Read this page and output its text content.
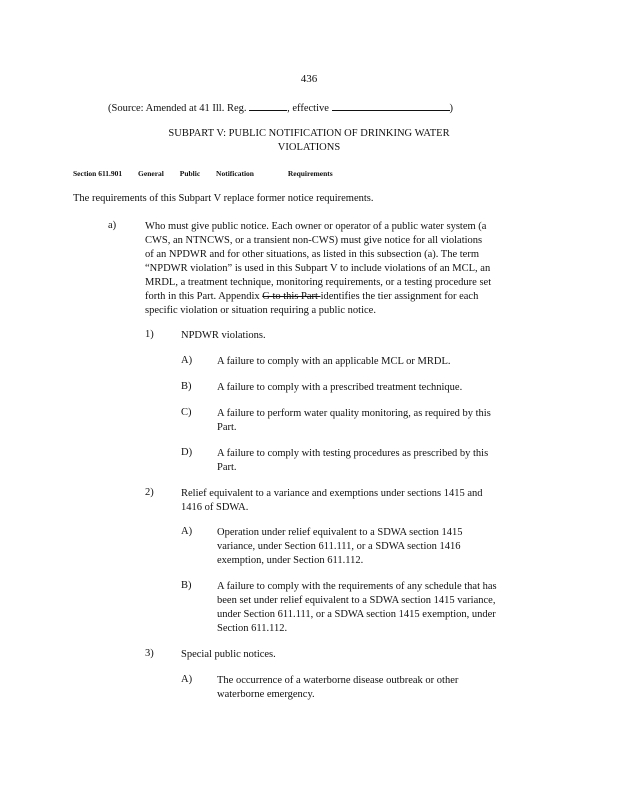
436
(Source: Amended at 41 Ill. Reg.	, effective	)
SUBPART V: PUBLIC NOTIFICATION OF DRINKING WATER
VIOLATIONS
Section 611.901 General Public Notification	Requirements
The requirements of this Subpart V replace former notice requirements.
a)	Who must give public notice. Each owner or operator of a public water system (a
CWS, an NTNCWS, or a transient non-CWS) must give notice for all violations
of an NPDWR and for other situations, as listed in this subsection (a). The term
“NPDWR violation” is used in this Subpart V to include violations of an MCL, an
MRDL, a treatment technique, monitoring requirements, or a testing procedure set
forth in this Part. Appendix G to this Part identifies the tier assignment for each
specific violation or situation requiring a public notice.
1)	NPDWR violations.
A) A failure to comply with an applicable MCL or MRDL.
B) A failure to comply with a prescribed treatment technique.
C) A failure to perform water quality monitoring, as required by this
Part.
D) A failure to comply with testing procedures as prescribed by this
Part.
2)	Relief equivalent to a variance and exemptions under sections 1415 and
1416 of SDWA.
A) Operation under relief equivalent to a SDWA section 1415
variance, under Section 611.111, or a SDWA section 1416
exemption, under Section 611.112.
B) A failure to comply with the requirements of any schedule that has
been set under relief equivalent to a SDWA section 1415 variance,
under Section 611.111, or a SDWA section 1415 exemption, under
Section 611.112.
3)	Special public notices.
A) The occurrence of a waterborne disease outbreak or other
waterborne emergency.
